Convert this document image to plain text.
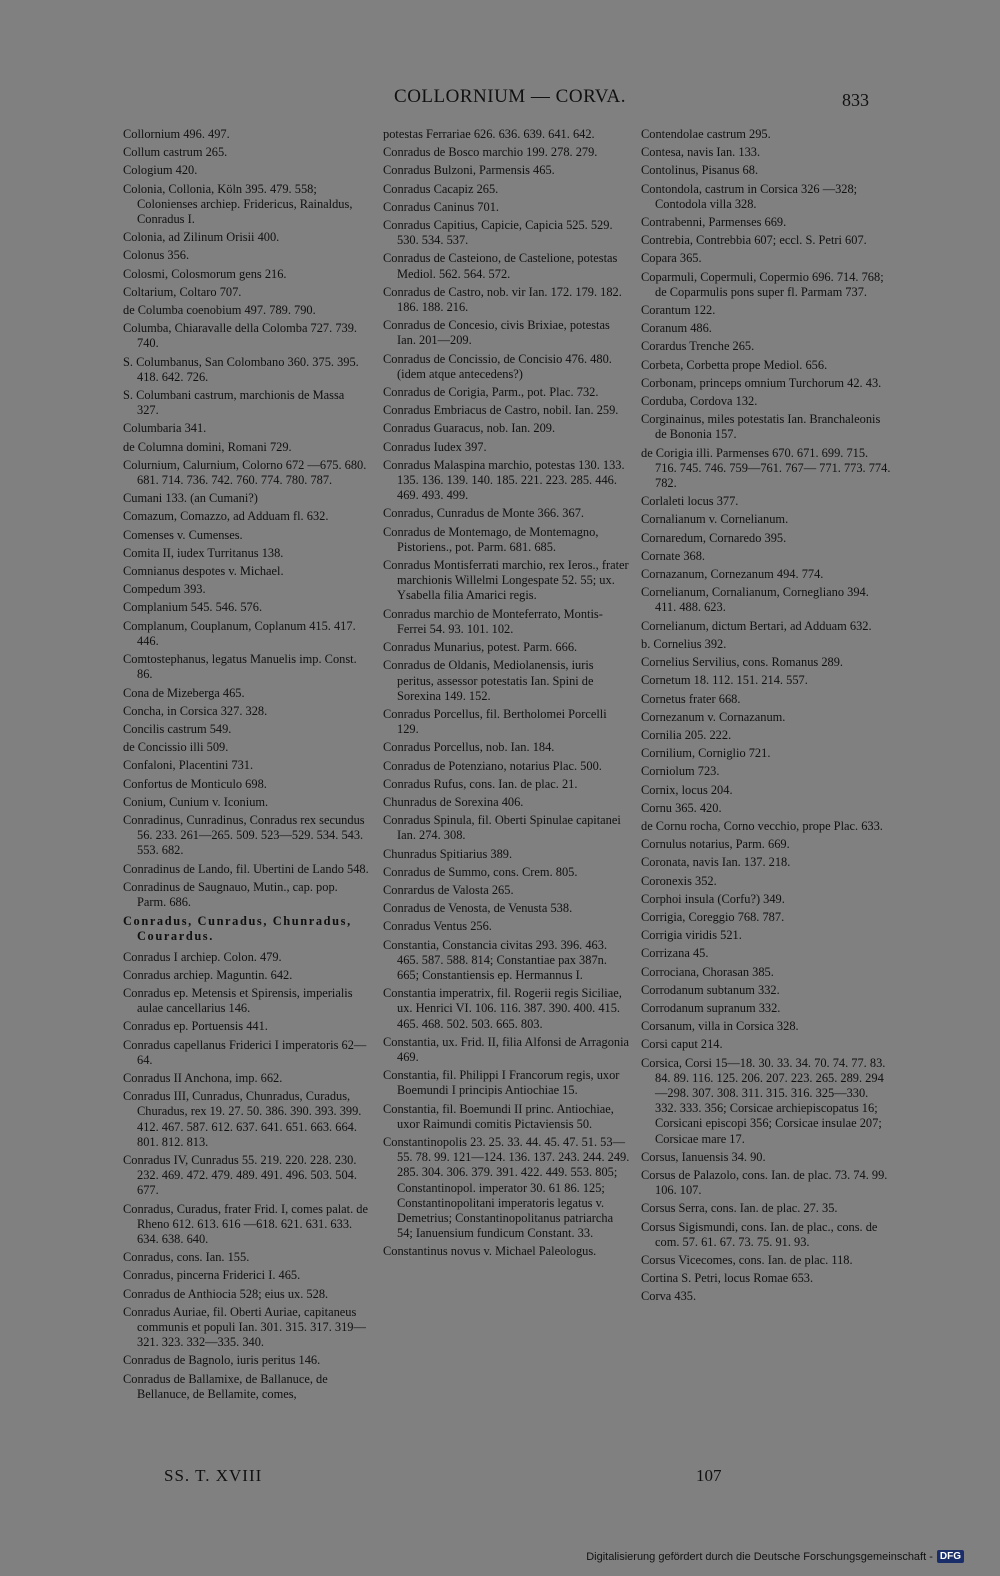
COLLORNIUM — CORVA.	833
Collornium 496. 497.
Collum castrum 265.
Cologium 420.
Colonia, Collonia, Köln 395. 479. 558; Colonienses archiep. Fridericus, Rainaldus, Conradus I.
Colonia, ad Zilinum Orisii 400.
Colonus 356.
Colosmi, Colosmorum gens 216.
Coltarium, Coltaro 707.
de Columba coenobium 497. 789. 790.
Columba, Chiaravalle della Colomba 727. 739. 740.
S. Columbanus, San Colombano 360. 375. 395. 418. 642. 726.
S. Columbani castrum, marchionis de Massa 327.
Columbaria 341.
de Columna domini, Romani 729.
Colurnium, Calurnium, Colorno 672 —675. 680. 681. 714. 736. 742. 760. 774. 780. 787.
Cumani 133. (an Cumani?)
Comazum, Comazzo, ad Adduam fl. 632.
Comenses v. Cumenses.
Comita II, iudex Turritanus 138.
Comnianus despotes v. Michael.
Compedum 393.
Complanium 545. 546. 576.
Complanum, Couplanum, Coplanum 415. 417. 446.
Comtostephanus, legatus Manuelis imp. Const. 86.
Cona de Mizeberga 465.
Concha, in Corsica 327. 328.
Concilis castrum 549.
de Concissio illi 509.
Confaloni, Placentini 731.
Confortus de Monticulo 698.
Conium, Cunium v. Iconium.
Conradinus, Cunradinus, Conradus rex secundus 56. 233. 261—265. 509. 523—529. 534. 543. 553. 682.
Conradinus de Lando, fil. Ubertini de Lando 548.
Conradinus de Saugnauo, Mutin., cap. pop. Parm. 686.
Conradus, Cunradus, Chunradus, Courardus.
Conradus I archiep. Colon. 479.
Conradus archiep. Maguntin. 642.
Conradus ep. Metensis et Spirensis, imperialis aulae cancellarius 146.
Conradus ep. Portuensis 441.
Conradus capellanus Friderici I imperatoris 62—64.
Conradus II Anchona, imp. 662.
Conradus III, Cunradus, Chunradus, Curadus, Churadus, rex 19. 27. 50. 386. 390. 393. 399. 412. 467. 587. 612. 637. 641. 651. 663. 664. 801. 812. 813.
Conradus IV, Cunradus 55. 219. 220. 228. 230. 232. 469. 472. 479. 489. 491. 496. 503. 504. 677.
Conradus, Curadus, frater Frid. I, comes palat. de Rheno 612. 613. 616 —618. 621. 631. 633. 634. 638. 640.
Conradus, cons. Ian. 155.
Conradus, pincerna Friderici I. 465.
Conradus de Anthiocia 528; eius ux. 528.
Conradus Auriae, fil. Oberti Auriae, capitaneus communis et populi Ian. 301. 315. 317. 319—321. 323. 332—335. 340.
Conradus de Bagnolo, iuris peritus 146.
Conradus de Ballamixe, de Ballanuce, de Bellanuce, de Bellamite, comes,
potestas Ferrariae 626. 636. 639. 641. 642.
Conradus de Bosco marchio 199. 278. 279.
Conradus Bulzoni, Parmensis 465.
Conradus Cacapiz 265.
Conradus Caninus 701.
Conradus Capitius, Capicie, Capicia 525. 529. 530. 534. 537.
Conradus de Casteiono, de Castelione, potestas Mediol. 562. 564. 572.
Conradus de Castro, nob. vir Ian. 172. 179. 182. 186. 188. 216.
Conradus de Concesio, civis Brixiae, potestas Ian. 201—209.
Conradus de Concissio, de Concisio 476. 480. (idem atque antecedens?)
Conradus de Corigia, Parm., pot. Plac. 732.
Conradus Embriacus de Castro, nobil. Ian. 259.
Conradus Guaracus, nob. Ian. 209.
Conradus Iudex 397.
Conradus Malaspina marchio, potestas 130. 133. 135. 136. 139. 140. 185. 221. 223. 285. 446. 469. 493. 499.
Conradus, Cunradus de Monte 366. 367.
Conradus de Montemago, de Montemagno, Pistoriens., pot. Parm. 681. 685.
Conradus Montisferrati marchio, rex Ieros., frater marchionis Willelmi Longespate 52. 55; ux. Ysabella filia Amarici regis.
Conradus marchio de Monteferrato, Montis-Ferrei 54. 93. 101. 102.
Conradus Munarius, potest. Parm. 666.
Conradus de Oldanis, Mediolanensis, iuris peritus, assessor potestatis Ian. Spini de Sorexina 149. 152.
Conradus Porcellus, fil. Bertholomei Porcelli 129.
Conradus Porcellus, nob. Ian. 184.
Conradus de Potenziano, notarius Plac. 500.
Conradus Rufus, cons. Ian. de plac. 21.
Chunradus de Sorexina 406.
Conradus Spinula, fil. Oberti Spinulae capitanei Ian. 274. 308.
Chunradus Spitiarius 389.
Conradus de Summo, cons. Crem. 805.
Conrardus de Valosta 265.
Conradus de Venosta, de Venusta 538.
Conradus Ventus 256.
Constantia, Constancia civitas 293. 396. 463. 465. 587. 588. 814; Constantiae pax 387n. 665; Constantiensis ep. Hermannus I.
Constantia imperatrix, fil. Rogerii regis Siciliae, ux. Henrici VI. 106. 116. 387. 390. 400. 415. 465. 468. 502. 503. 665. 803.
Constantia, ux. Frid. II, filia Alfonsi de Arragonia 469.
Constantia, fil. Philippi I Francorum regis, uxor Boemundi I principis Antiochiae 15.
Constantia, fil. Boemundi II princ. Antiochiae, uxor Raimundi comitis Pictaviensis 50.
Constantinopolis 23. 25. 33. 44. 45. 47. 51. 53—55. 78. 99. 121—124. 136. 137. 243. 244. 249. 285. 304. 306. 379. 391. 422. 449. 553. 805; Constantinopol. imperator 30. 61 86. 125; Constantinopolitani imperatoris legatus v. Demetrius; Constantinopolitanus patriarcha 54; Ianuensium fundicum Constant. 33.
Constantinus novus v. Michael Paleologus.
Contendolae castrum 295.
Contesa, navis Ian. 133.
Contolinus, Pisanus 68.
Contondola, castrum in Corsica 326 —328; Contodola villa 328.
Contrabenni, Parmenses 669.
Contrebia, Contrebbia 607; eccl. S. Petri 607.
Copara 365.
Coparmuli, Copermuli, Copermio 696. 714. 768; de Coparmulis pons super fl. Parmam 737.
Corantum 122.
Coranum 486.
Corardus Trenche 265.
Corbeta, Corbetta prope Mediol. 656.
Corbonam, princeps omnium Turchorum 42. 43.
Corduba, Cordova 132.
Corginainus, miles potestatis Ian. Branchaleonis de Bononia 157.
de Corigia illi. Parmenses 670. 671. 699. 715. 716. 745. 746. 759—761. 767— 771. 773. 774. 782.
Corlaleti locus 377.
Cornalianum v. Cornelianum.
Cornaredum, Cornaredo 395.
Cornate 368.
Cornazanum, Cornezanum 494. 774.
Cornelianum, Cornalianum, Cornegliano 394. 411. 488. 623.
Cornelianum, dictum Bertari, ad Adduam 632.
b. Cornelius 392.
Cornelius Servilius, cons. Romanus 289.
Cornetum 18. 112. 151. 214. 557.
Cornetus frater 668.
Cornezanum v. Cornazanum.
Cornilia 205. 222.
Cornilium, Corniglio 721.
Corniolum 723.
Cornix, locus 204.
Cornu 365. 420.
de Cornu rocha, Corno vecchio, prope Plac. 633.
Cornulus notarius, Parm. 669.
Coronata, navis Ian. 137. 218.
Coronexis 352.
Corphoi insula (Corfu?) 349.
Corrigia, Coreggio 768. 787.
Corrigia viridis 521.
Corrizana 45.
Corrociana, Chorasan 385.
Corrodanum subtanum 332.
Corrodanum supranum 332.
Corsanum, villa in Corsica 328.
Corsi caput 214.
Corsica, Corsi 15—18. 30. 33. 34. 70. 74. 77. 83. 84. 89. 116. 125. 206. 207. 223. 265. 289. 294—298. 307. 308. 311. 315. 316. 325—330. 332. 333. 356; Corsicae archiepiscopatus 16; Corsicani episcopi 356; Corsicae insulae 207; Corsicae mare 17.
Corsus, Ianuensis 34. 90.
Corsus de Palazolo, cons. Ian. de plac. 73. 74. 99. 106. 107.
Corsus Serra, cons. Ian. de plac. 27. 35.
Corsus Sigismundi, cons. Ian. de plac., cons. de com. 57. 61. 67. 73. 75. 91. 93.
Corsus Vicecomes, cons. Ian. de plac. 118.
Cortina S. Petri, locus Romae 653.
Corva 435.
SS. T. XVIII	107
Digitalisierung gefördert durch die Deutsche Forschungsgemeinschaft - DFG
